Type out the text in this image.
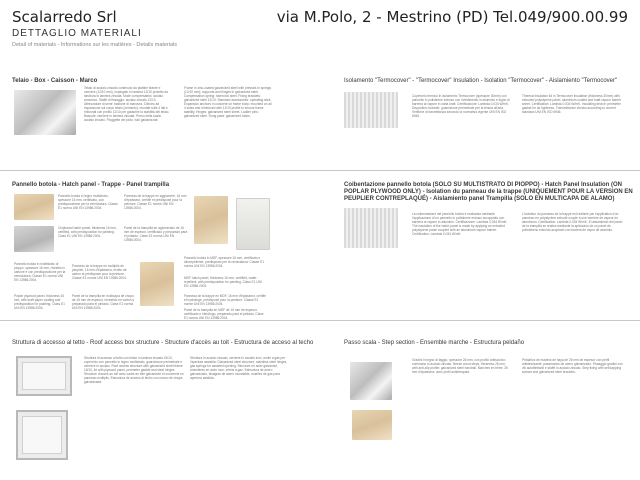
Scalarredo Srl	via M.Polo, 2 - Mestrino (PD) Tel.049/900.00.99
DETTAGLIO MATERIALI
Detail of materials - Informations sur les matières - Details materials
Telaio - Box - Caisson - Marco
Telaio di acciaio zincato contenuto da piattine tirante e cerniere (12/10 mm), impiegato in lamiera 12/10 protetto da struttura in lamiera zincata. Molle compensatrici: acciaio armonico. Staffe di fissaggio: acciaio zincato 12/10. Attrezzature di serie: bastone di manovra. Cilindro ad espansione sul corpo telaio (cemento): montati sulle 4 lati e rinforzati con profilo 12/10 per garantire la stabilità del telaio. Bascule: cerniere in lamiera zincata. Perno della scala: acciaio zincato. Pioggette dei piolo: tubi galvanizzati.
Frame in zinc-coated galvanized steel with pressed-in springs (12/10 mm); supports and hinges in galvanized steel. Compensation spring: harmonic steel. Fixing brackets: galvanized steel 12/10. Standard accessories: operating stick. Expansion anchors in concrete on frame body: mounted on all 4 sides and reinforced with 12/10 profile to ensure frame stability. Hinges: galvanized steel sheet. Ladder pins: galvanized steel. Rung pads: galvanized tubes.
Isolamento "Termocover" - "Termocover" Insulation - Isolation "Termocover" - Aislamiento "Termocover"
Coperchio termico in isolamento Termocover (spessore 30mm) con pannello in polistirene estruso con rivestimento in alluminio e foglio di barriera al vapore in carta kraft. Certificazione: Lambda 0,034 W/mK. Dispositivo isolante: guarnizione perimetrale per la tenuta all'aria. Verifiche di trasmittanza secondo la normativa vigente UNI EN ISO 6946.
Thermal insulation lid in Termocover insulation (thickness 30mm) with extruded polystyrene panel, aluminium coated and kraft vapour barrier sheet. Certification: Lambda 0.034 W/mK. Insulating device: perimeter gasket for air tightness. Transmittance checks according to current standard UNI EN ISO 6946.
Pannello botola - Hatch panel - Trappe - Panel trampilla
Pannello botola in legno multistrato, spessore 16 mm, certificato, con predisposizione per la verniciatura. Classe E1 norma UNI EN 13986:2004.
Chipboard hatch panel, thickness 16 mm, certified, with predisposition for painting. Class E1 UNI EN 13986:2004.
Pannello botola in multistrato di pioppo, spessore 16 mm, rivestito in cartone e con predisposizione per la verniciatura. Classe E1 norma UNI EN 13986:2004.
Poplar plywood panel, thickness 16 mm, with kraft paper coating and predisposition for painting. Class E1 UNI EN 13986:2004.
Panneau de la trappe en aggloméré, 16 mm d'épaisseur, certifié et prédisposé pour la peinture. Classe E1 norme UNI EN 13986:2004.
Panel de la trampilla en aglomerado de 16 mm de espesor, certificado y preparado para el pintado. Clase E1 norma UNI EN 13986:2004.
Panneau de la trappe en multiplis de peuplier, 16 mm d'épaisseur, revêtu de carton et prédisposé pour la peinture. Classe E1 norme UNI EN 13986:2004.
Panel de la trampilla en multicapa de chopo de 16 mm de espesor, revestido en cartón y preparado para el pintado. Clase E1 norma UNI EN 13986:2004.
Pannello botola in MDF, spessore 16 mm, certificato e idrorepellente, predisposto per la verniciatura. Classe E1 norma UNI EN 13986:2004.
MDF hatch panel, thickness 16 mm, certified, water-repellent, with predisposition for painting. Class E1 UNI EN 13986:2004.
Panneau de la trappe en MDF, 16 mm d'épaisseur, certifié et hydrofuge, prédisposé pour la peinture. Classe E1 norme UNI EN 13986:2004.
Panel de la trampilla en MDF de 16 mm de espesor, certificado e hidrófugo, preparado para el pintado. Clase E1 norma UNI EN 13986:2004.
Coibentazione pannello botola (SOLO SU MULTISTRATO DI PIOPPO) - Hatch Panel Insulation (ON POPLAR PLYWOOD ONLY) - Isolation du panneau de la trappe (UNIQUEMENT POUR LA VERSION EN PEUPLIER CONTREPLAQUÉ) - Aislamiento panel Trampilla (SOLO EN MULTICAPA DE ALAMO)
La coibentazione del pannello botola è realizzata mediante l'applicazione di un pannello in polistirene estruso accoppiato con barriera al vapore in alluminio. Certificazione: Lambda 0,034 W/mK. The insulation of the hatch panel is made by applying an extruded polystyrene panel coupled with an aluminium vapour barrier. Certification: Lambda 0.034 W/mK.
L'isolation du panneau de la trappe est réalisée par l'application d'un panneau en polystyrène extrudé couplé à une barrière de vapeur en aluminium. Certification: Lambda 0,034 W/mK. El aislamiento del panel de la trampilla se realiza mediante la aplicación de un panel de poliestireno extruido acoplado con barrera de vapor de aluminio.
Struttura di accesso al tetto - Roof access box structure - Structure d'accès au toit - Estructura de acceso al techo
Struttura di accesso al tetto con telaio in lamiera zincata 15/10, coperchio con pannello in legno multistrato, guarnizione perimetrale e cerniere in acciaio. Roof access structure with galvanized sheet frame 15/10, lid with plywood panel, perimeter gasket and steel hinges. Structure d'accès au toit avec cadre en tôle galvanisée et couvercle en panneau multiplis. Estructura de acceso al techo con marco de chapa galvanizada.
Struttura in acciaio zincato, cerniere in acciaio inox, molle a gas per l'apertura assistita. Galvanized steel structure, stainless steel hinges, gas springs for assisted opening. Structure en acier galvanisé, charnières en acier inox, vérins à gaz. Estructura de acero galvanizado, bisagras de acero inoxidable, muelles de gas para apertura asistida.
Passo scala - Step section - Ensemble marche - Estructura peldaño
Gradini in legno di faggio, spessore 26 mm, con profilo antiscivolo; corrimano in acciaio zincato. Beech wood steps, thickness 26 mm, with anti-slip profile; galvanized steel handrail. Marches en hêtre, 26 mm d'épaisseur, avec profil antidérapant.
Peldaños de madera de haya de 26 mm de espesor con perfil antideslizante; pasamanos de acero galvanizado. Fissaggio gradini con viti autofilettanti e staffe in acciaio zincato. Step fixing with self-tapping screws and galvanized steel brackets.
